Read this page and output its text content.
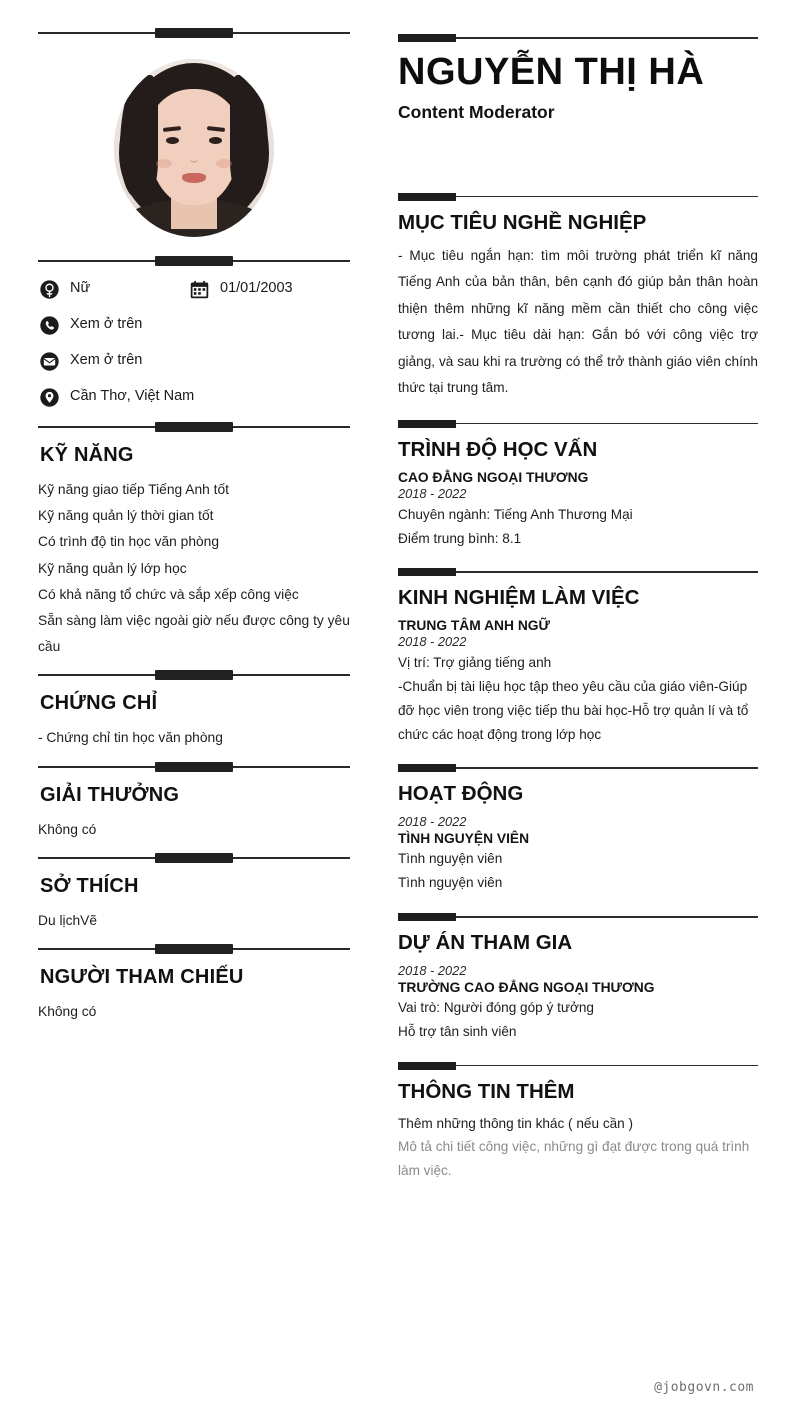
Nữ	01/01/2003
Xem ở trên
Xem ở trên
Cần Thơ, Việt Nam
KỸ NĂNG
Kỹ năng giao tiếp Tiếng Anh tốt
Kỹ năng quản lý thời gian tốt
Có trình độ tin học văn phòng
Kỹ năng quản lý lớp học
Có khả năng tổ chức và sắp xếp công việc
Sẵn sàng làm việc ngoài giờ nếu được công ty yêu cầu
CHỨNG CHỈ

- Chứng chỉ tin học văn phòng

GIẢI THƯỞNG

Không có

SỞ THÍCH

Du lịchVẽ

NGƯỜI THAM CHIẾU

Không có

NGUYỄN THỊ HÀ
Content Moderator
MỤC TIÊU NGHỀ NGHIỆP

- Mục tiêu ngắn hạn: tìm môi trường phát triển kĩ năng Tiếng Anh của bản thân, bên cạnh đó giúp bản thân hoàn thiện thêm những kĩ năng mềm cần thiết cho công việc tương lai.- Mục tiêu dài hạn: Gắn bó với công việc trợ giảng, và sau khi ra trường có thể trở thành giáo viên chính thức tại trung tâm.

TRÌNH ĐỘ HỌC VẤN
CAO ĐẲNG NGOẠI THƯƠNG
2018 - 2022

Chuyên ngành: Tiếng Anh Thương Mại

Điểm trung bình: 8.1

KINH NGHIỆM LÀM VIỆC
TRUNG TÂM ANH NGỮ
2018 - 2022

Vị trí: Trợ giảng tiếng anh

-Chuẩn bị tài liệu học tập theo yêu cầu của giáo viên-Giúp đỡ học viên trong việc tiếp thu bài học-Hỗ trợ quản lí và tổ chức các hoạt động trong lớp học

HOẠT ĐỘNG
2018 - 2022
TÌNH NGUYỆN VIÊN

Tình nguyện viên

Tình nguyện viên

DỰ ÁN THAM GIA
2018 - 2022
TRƯỜNG CAO ĐẲNG NGOẠI THƯƠNG

Vai trò: Người đóng góp ý tưởng

Hỗ trợ tân sinh viên

THÔNG TIN THÊM

Thêm những thông tin khác ( nếu cần )

Mô tả chi tiết công việc, những gì đạt được trong quá trình làm việc.

@jobgovn.com
